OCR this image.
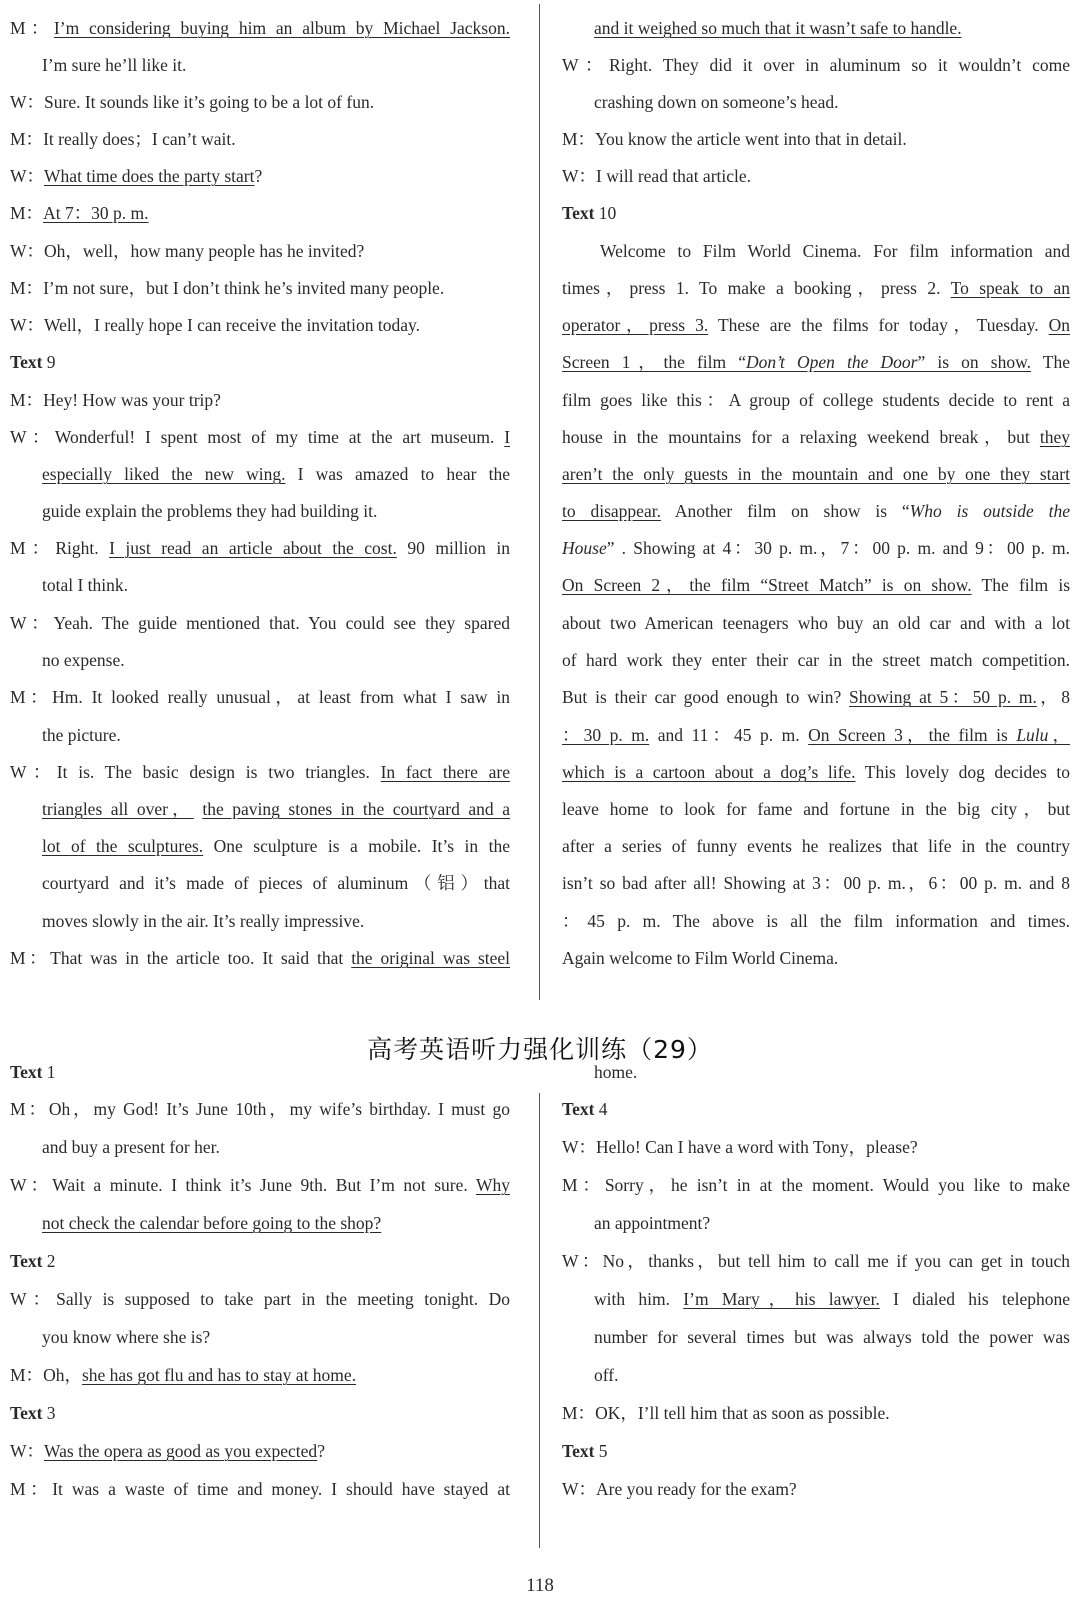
M：I’m considering buying him an album by Michael Jackson.
I’m sure he’ll like it.
W：Sure. It sounds like it’s going to be a lot of fun.
M：It really does；I can’t wait.
W：What time does the party start?
M：At 7：30 p. m.
W：Oh，well，how many people has he invited?
M：I’m not sure，but I don’t think he’s invited many people.
W：Well，I really hope I can receive the invitation today.
Text 9
M：Hey! How was your trip?
W：Wonderful! I spent most of my time at the art museum. I
especially liked the new wing. I was amazed to hear the
guide explain the problems they had building it.
M：Right. I just read an article about the cost. 90 million in
total I think.
W：Yeah. The guide mentioned that. You could see they spared
no expense.
M：Hm. It looked really unusual，at least from what I saw in
the picture.
W：It is. The basic design is two triangles. In fact there are
triangles all over， the paving stones in the courtyard and a
lot of the sculptures. One sculpture is a mobile. It’s in the
courtyard and it’s made of pieces of aluminum（铝）that
moves slowly in the air. It’s really impressive.
M：That was in the article too. It said that the original was steel
and it weighed so much that it wasn’t safe to handle.
W：Right. They did it over in aluminum so it wouldn’t come
crashing down on someone’s head.
M：You know the article went into that in detail.
W：I will read that article.
Text 10
Welcome to Film World Cinema. For film information and
times，press 1. To make a booking，press 2. To speak to an
operator，press 3. These are the films for today，Tuesday. On
Screen 1，the film “Don’t Open the Door” is on show. The
film goes like this：A group of college students decide to rent a
house in the mountains for a relaxing weekend break，but they
aren’t the only guests in the mountain and one by one they start
to disappear. Another film on show is “Who is outside the
House” . Showing at 4：30 p. m.，7：00 p. m. and 9：00 p. m.
On Screen 2，the film “Street Match” is on show. The film is
about two American teenagers who buy an old car and with a lot
of hard work they enter their car in the street match competition.
But is their car good enough to win? Showing at 5：50 p. m.，8
：30 p. m. and 11：45 p. m. On Screen 3，the film is Lulu，
which is a cartoon about a dog’s life. This lovely dog decides to
leave home to look for fame and fortune in the big city，but
after a series of funny events he realizes that life in the country
isn’t so bad after all! Showing at 3：00 p. m.，6：00 p. m. and 8
：45 p. m. The above is all the film information and times.
Again welcome to Film World Cinema.
高考英语听力强化训练（29）
Text 1
M：Oh，my God! It’s June 10th，my wife’s birthday. I must go
and buy a present for her.
W：Wait a minute. I think it’s June 9th. But I’m not sure. Why
not check the calendar before going to the shop?
Text 2
W：Sally is supposed to take part in the meeting tonight. Do
you know where she is?
M：Oh，she has got flu and has to stay at home.
Text 3
W：Was the opera as good as you expected?
M：It was a waste of time and money. I should have stayed at
home.
Text 4
W：Hello! Can I have a word with Tony，please?
M：Sorry，he isn’t in at the moment. Would you like to make
an appointment?
W：No，thanks，but tell him to call me if you can get in touch
with him. I’m Mary，his lawyer. I dialed his telephone
number for several times but was always told the power was
off.
M：OK，I’ll tell him that as soon as possible.
Text 5
W：Are you ready for the exam?
118
